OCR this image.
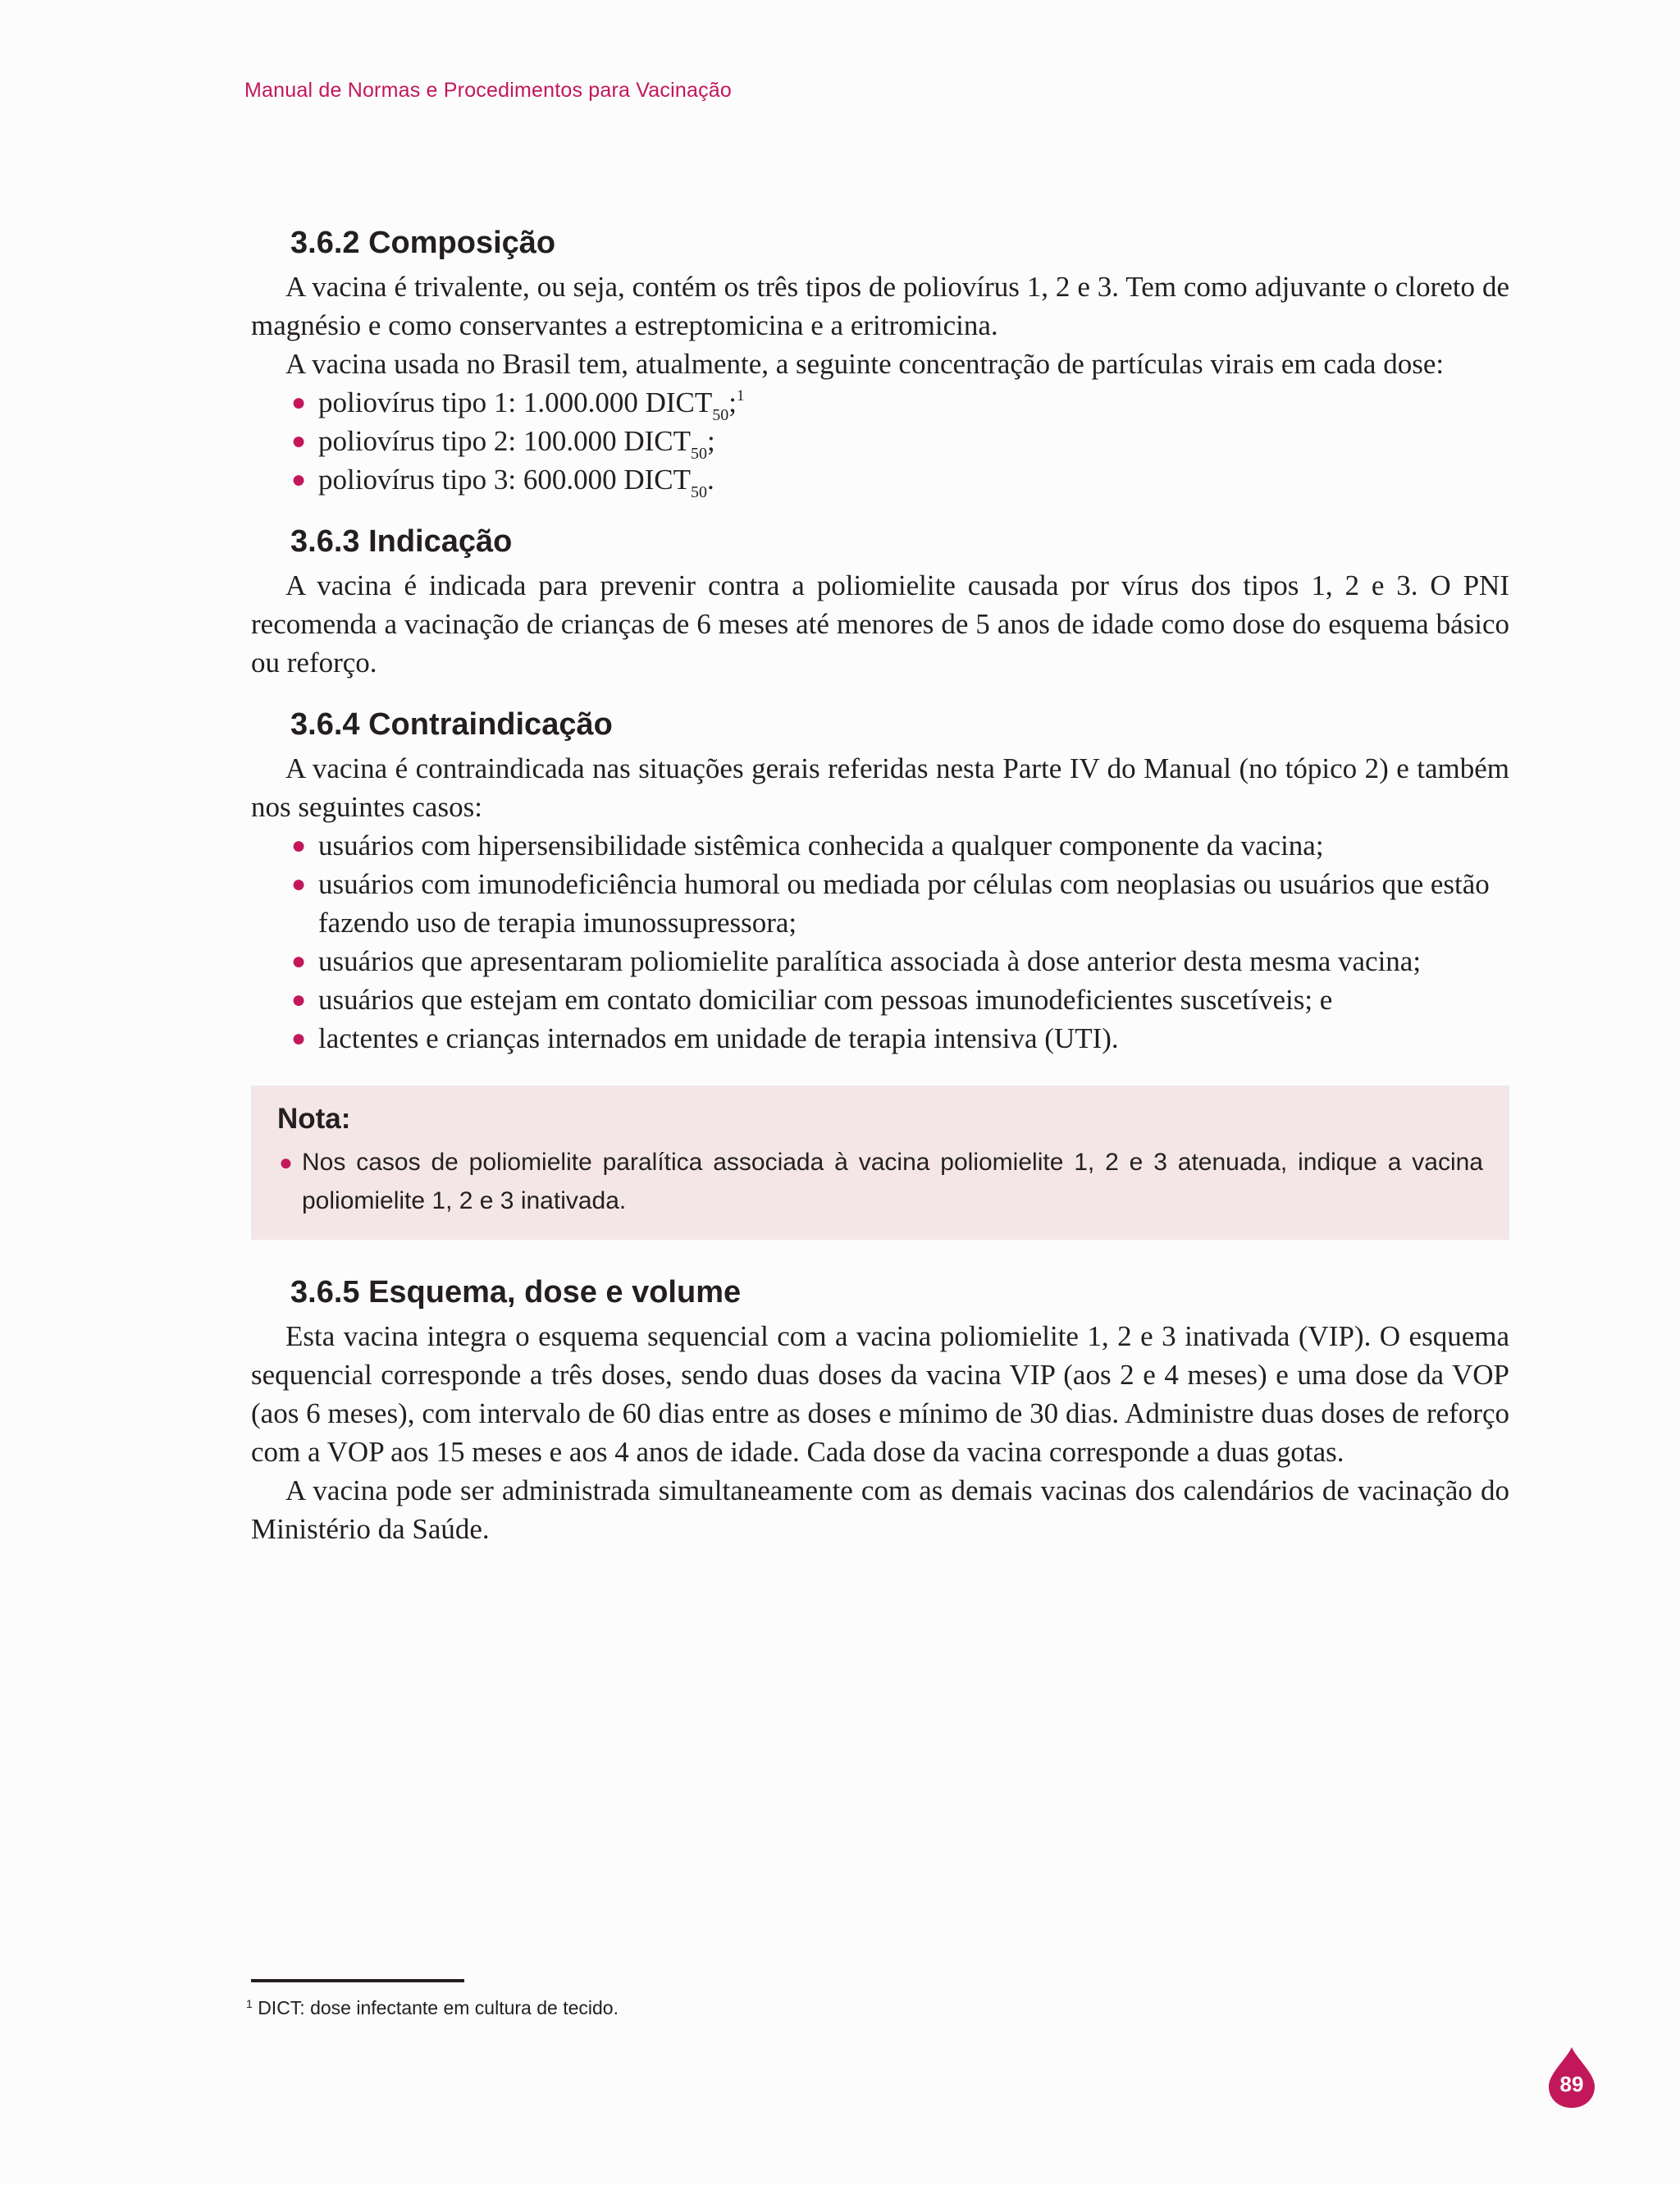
Manual de Normas e Procedimentos para Vacinação
3.6.2 Composição

A vacina é trivalente, ou seja, contém os três tipos de poliovírus 1, 2 e 3. Tem como adjuvante o cloreto de magnésio e como conservantes a estreptomicina e a eritromicina.

A vacina usada no Brasil tem, atualmente, a seguinte concentração de partículas virais em cada dose:

● poliovírus tipo 1: 1.000.000 $DICT_{50};^1$
● poliovírus tipo 2: 100.000 $DICT_{50}$;
● poliovírus tipo 3: 600.000 $DICT_{50}$.
3.6.3 Indicação

A vacina é indicada para prevenir contra a poliomielite causada por vírus dos tipos 1, 2 e 3. O PNI recomenda a vacinação de crianças de 6 meses até menores de 5 anos de idade como dose do esquema básico ou reforço.

3.6.4 Contraindicação

A vacina é contraindicada nas situações gerais referidas nesta Parte IV do Manual (no tópico 2) e também nos seguintes casos:

● usuários com hipersensibilidade sistêmica conhecida a qualquer componente da vacina;
● usuários com imunodeficiência humoral ou mediada por células com neoplasias ou usuários que estão fazendo uso de terapia imunossupressora;
● usuários que apresentaram poliomielite paralítica associada à dose anterior desta mesma vacina;
● usuários que estejam em contato domiciliar com pessoas imunodeficientes suscetíveis; e
● lactentes e crianças internados em unidade de terapia intensiva (UTI).
Nota:
● Nos casos de poliomielite paralítica associada à vacina poliomielite 1, 2 e 3 atenuada, indique a vacina poliomielite 1, 2 e 3 inativada.
3.6.5 Esquema, dose e volume

Esta vacina integra o esquema sequencial com a vacina poliomielite 1, 2 e 3 inativada (VIP). O esquema sequencial corresponde a três doses, sendo duas doses da vacina VIP (aos 2 e 4 meses) e uma dose da VOP (aos 6 meses), com intervalo de 60 dias entre as doses e mínimo de 30 dias. Administre duas doses de reforço com a VOP aos 15 meses e aos 4 anos de idade. Cada dose da vacina corresponde a duas gotas.

A vacina pode ser administrada simultaneamente com as demais vacinas dos calendários de vacinação do Ministério da Saúde.

$^1$ DICT: dose infectante em cultura de tecido.
89
